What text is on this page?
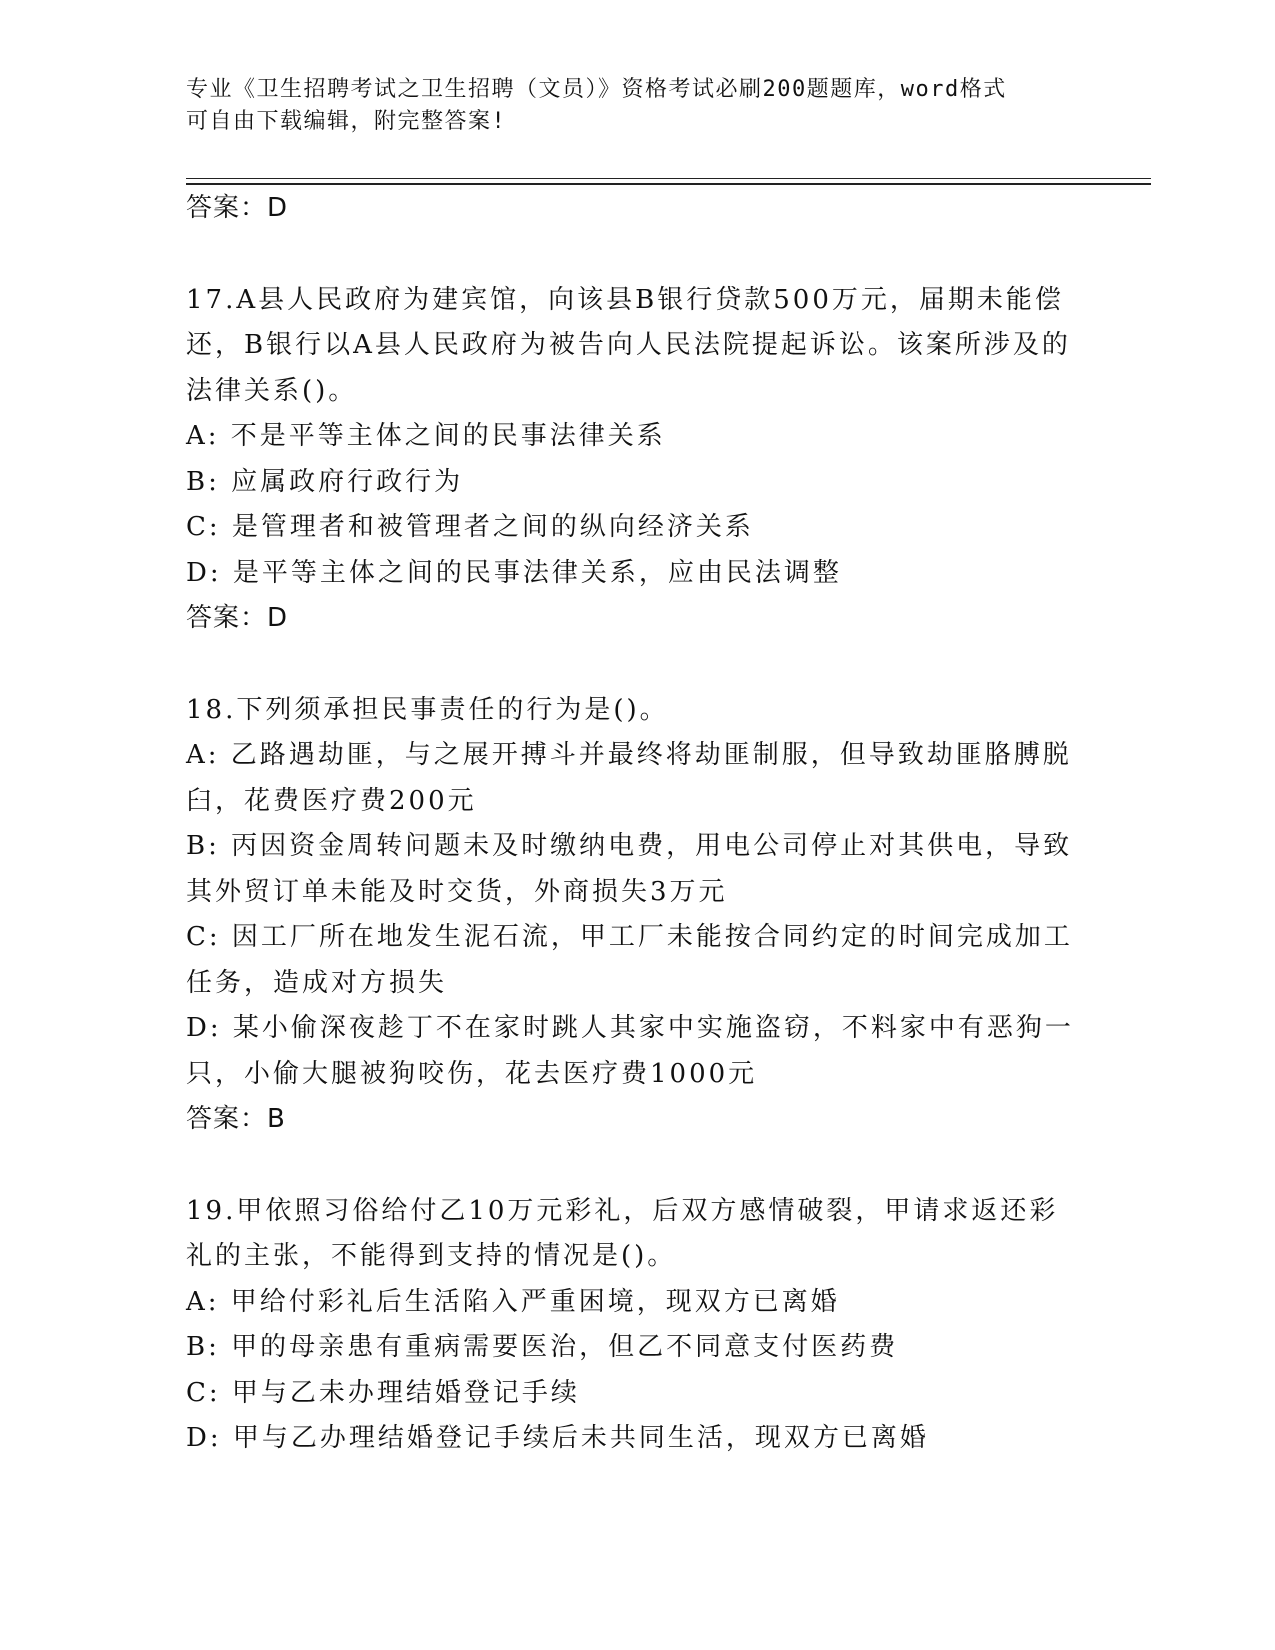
专业《卫生招聘考试之卫生招聘（文员）》资格考试必刷200题题库，word格式
可自由下载编辑，附完整答案!
答案：D
17.A县人民政府为建宾馆，向该县B银行贷款500万元，届期未能偿
还，B银行以A县人民政府为被告向人民法院提起诉讼。该案所涉及的
法律关系()。
A: 不是平等主体之间的民事法律关系
B: 应属政府行政行为
C: 是管理者和被管理者之间的纵向经济关系
D: 是平等主体之间的民事法律关系，应由民法调整
答案：D
18.下列须承担民事责任的行为是()。
A: 乙路遇劫匪，与之展开搏斗并最终将劫匪制服，但导致劫匪胳膊脱
臼，花费医疗费200元
B: 丙因资金周转问题未及时缴纳电费，用电公司停止对其供电，导致
其外贸订单未能及时交货，外商损失3万元
C: 因工厂所在地发生泥石流，甲工厂未能按合同约定的时间完成加工
任务，造成对方损失
D: 某小偷深夜趁丁不在家时跳人其家中实施盗窃，不料家中有恶狗一
只，小偷大腿被狗咬伤，花去医疗费1000元
答案：B
19.甲依照习俗给付乙10万元彩礼，后双方感情破裂，甲请求返还彩
礼的主张，不能得到支持的情况是()。
A: 甲给付彩礼后生活陷入严重困境，现双方已离婚
B: 甲的母亲患有重病需要医治，但乙不同意支付医药费
C: 甲与乙未办理结婚登记手续
D: 甲与乙办理结婚登记手续后未共同生活，现双方已离婚
